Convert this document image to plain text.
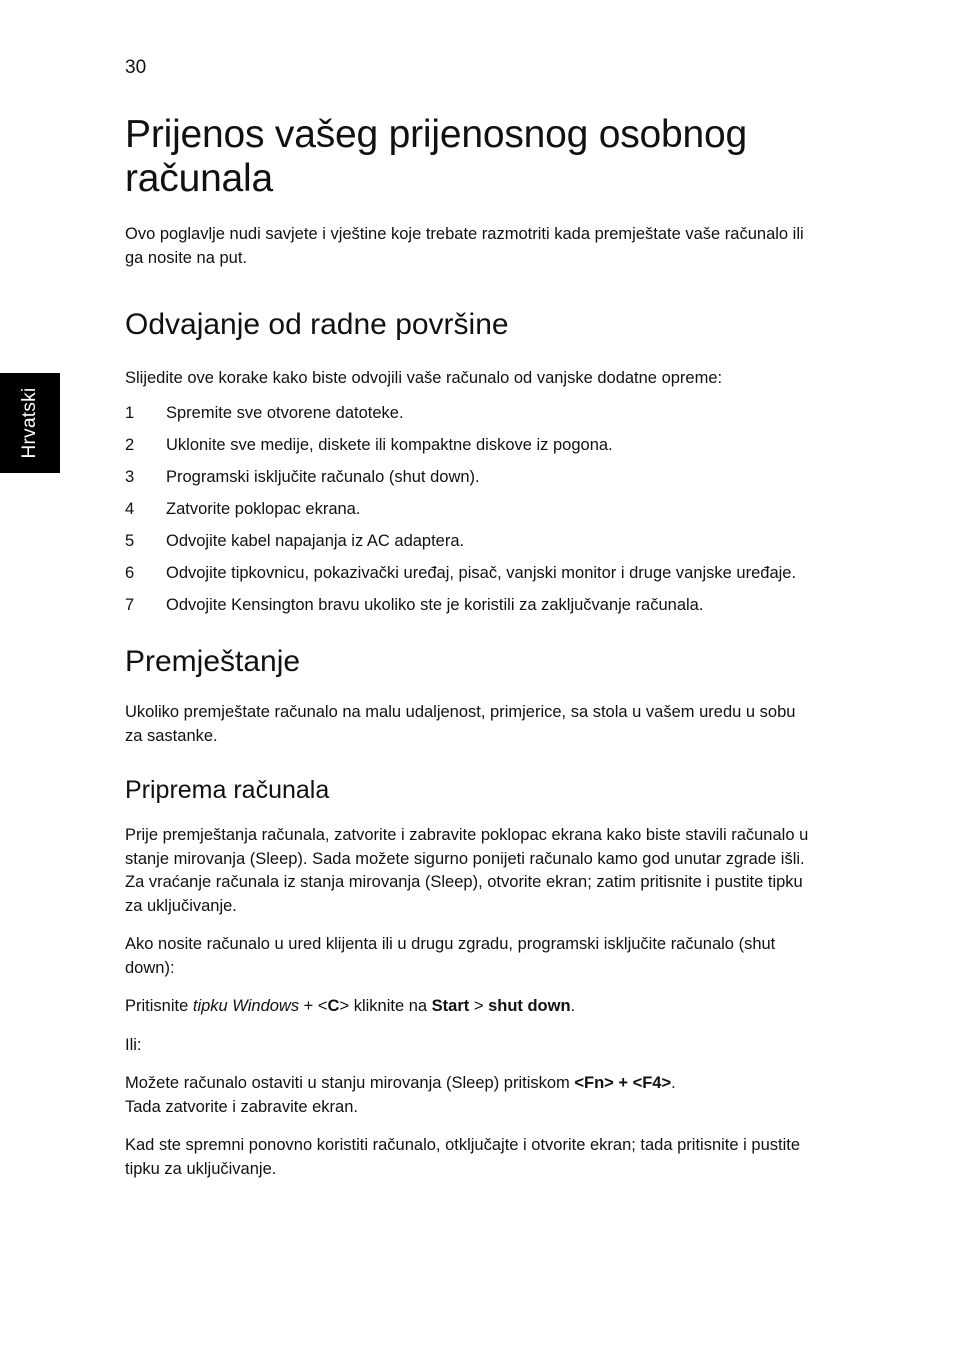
30
Hrvatski
Prijenos vašeg prijenosnog osobnog računala

Ovo poglavlje nudi savjete i vještine koje trebate razmotriti kada premještate vaše računalo ili ga nosite na put.

Odvajanje od radne površine

Slijedite ove korake kako biste odvojili vaše računalo od vanjske dodatne opreme:

1 Spremite sve otvorene datoteke.
2 Uklonite sve medije, diskete ili kompaktne diskove iz pogona.
3 Programski isključite računalo (shut down).
4 Zatvorite poklopac ekrana.
5 Odvojite kabel napajanja iz AC adaptera.
6 Odvojite tipkovnicu, pokazivački uređaj, pisač, vanjski monitor i druge vanjske uređaje.
7 Odvojite Kensington bravu ukoliko ste je koristili za zaključvanje računala.
Premještanje

Ukoliko premještate računalo na malu udaljenost, primjerice, sa stola u vašem uredu u sobu za sastanke.

Priprema računala

Prije premještanja računala, zatvorite i zabravite poklopac ekrana kako biste stavili računalo u stanje mirovanja (Sleep). Sada možete sigurno ponijeti računalo kamo god unutar zgrade išli. Za vraćanje računala iz stanja mirovanja (Sleep), otvorite ekran; zatim pritisnite i pustite tipku za uključivanje.

Ako nosite računalo u ured klijenta ili u drugu zgradu, programski isključite računalo (shut down):

Pritisnite tipku Windows + <C> kliknite na Start > shut down.

Ili:

Možete računalo ostaviti u stanju mirovanja (Sleep) pritiskom <Fn> + <F4>.
Tada zatvorite i zabravite ekran.

Kad ste spremni ponovno koristiti računalo, otključajte i otvorite ekran; tada pritisnite i pustite tipku za uključivanje.
